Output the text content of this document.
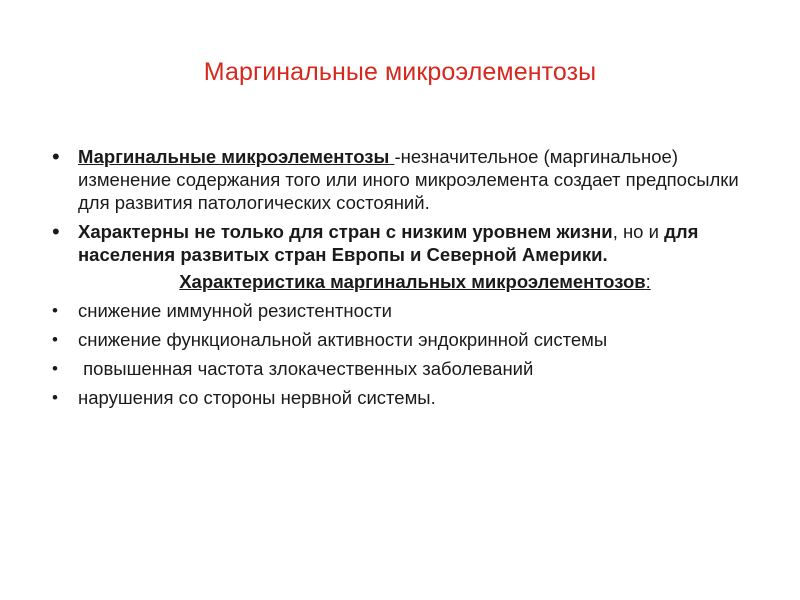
Маргинальные микроэлементозы
• Маргинальные микроэлементозы -незначительное (маргинальное) изменение содержания того или иного микроэлемента создает предпосылки для развития патологических состояний.
• Характерны не только для стран с низким уровнем жизни, но и для населения развитых стран Европы и Северной Америки.
Характеристика маргинальных микроэлементозов:
•	снижение иммунной резистентности
•	снижение функциональной активности эндокринной системы
•	повышенная частота злокачественных заболеваний
•	нарушения со стороны нервной системы.
